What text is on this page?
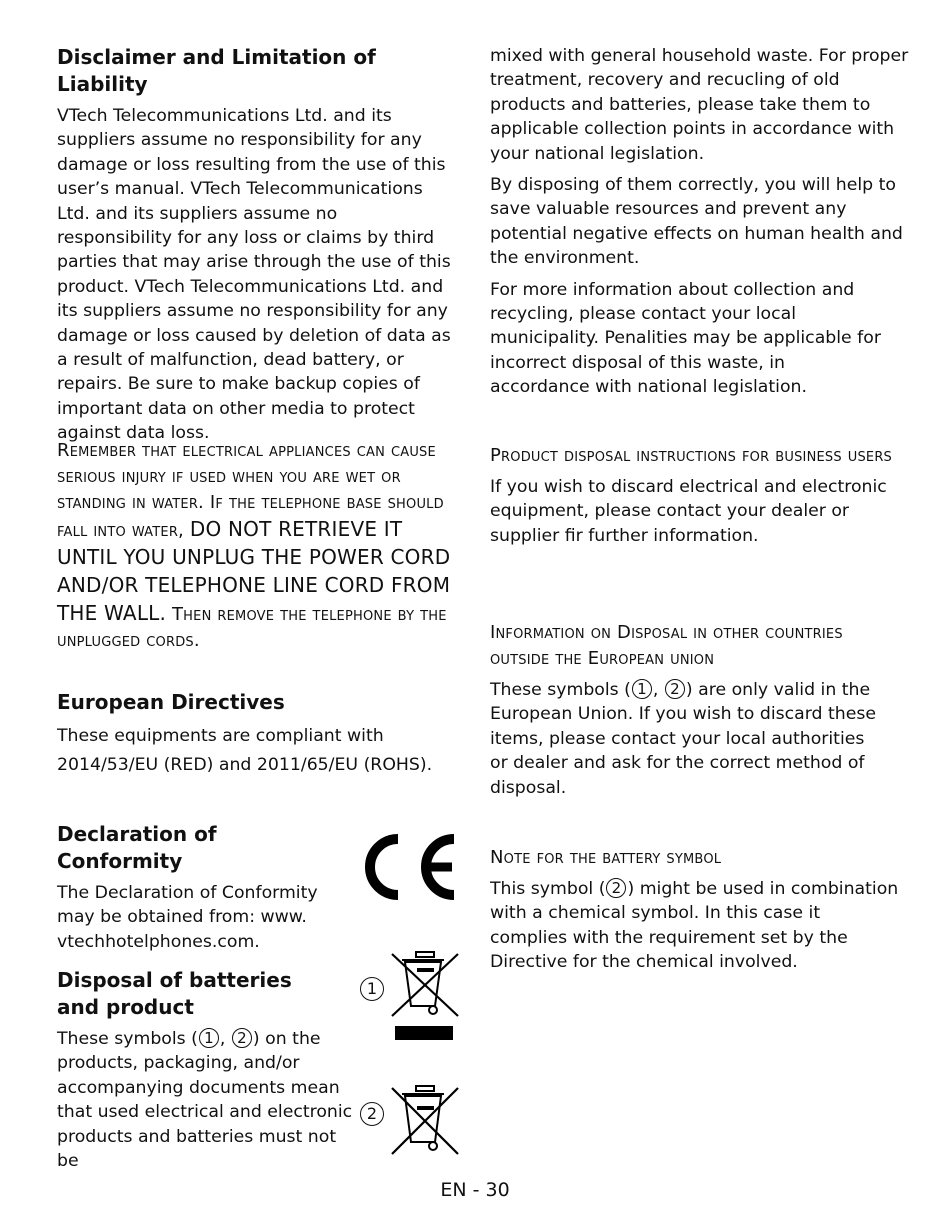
Disclaimer and Limitation of Liability

VTech Telecommunications Ltd. and its suppliers assume no responsibility for any damage or loss resulting from the use of this user’s manual. VTech Telecommunications Ltd. and its suppliers assume no responsibility for any loss or claims by third parties that may arise through the use of this product. VTech Telecommunications Ltd. and its suppliers assume no responsibility for any damage or loss caused by deletion of data as a result of malfunction, dead battery, or repairs. Be sure to make backup copies of important data on other media to protect against data loss.

Remember that electrical appliances can cause serious injury if used when you are wet or standing in water. If the telephone base should fall into water, DO NOT RETRIEVE IT UNTIL YOU UNPLUG THE POWER CORD AND/OR TELEPHONE LINE CORD FROM THE WALL. Then remove the telephone by the unplugged cords.

European Directives

These equipments are compliant with

2014/53/EU (RED) and 2011/65/EU (ROHS).

Declaration of Conformity

The Declaration of Conformity may be obtained from: www. vtechhotelphones.com.

Disposal of batteries and product

These symbols ( 1 , 2 ) on the products, packaging, and/or accompanying documents mean that used electrical and electronic products and batteries must not be

1
2

mixed with general household waste. For proper treatment, recovery and recucling of old products and batteries, please take them to applicable collection points in accordance with your national legislation.

By disposing of them correctly, you will help to save valuable resources and prevent any potential negative effects on human health and the environment.

For more information about collection and recycling, please contact your local municipality. Penalities may be applicable for incorrect disposal of this waste, in accordance with national legislation.

Product disposal instructions for business users

If you wish to discard electrical and electronic equipment, please contact your dealer or supplier fir further information.

Information on Disposal in other countries outside the European union

These symbols ( 1 , 2 ) are only valid in the European Union. If you wish to discard these items, please contact your local authorities or dealer and ask for the correct method of disposal.

Note for the battery symbol

This symbol ( 2 ) might be used in combination with a chemical symbol. In this case it complies with the requirement set by the Directive for the chemical involved.

EN - 30
